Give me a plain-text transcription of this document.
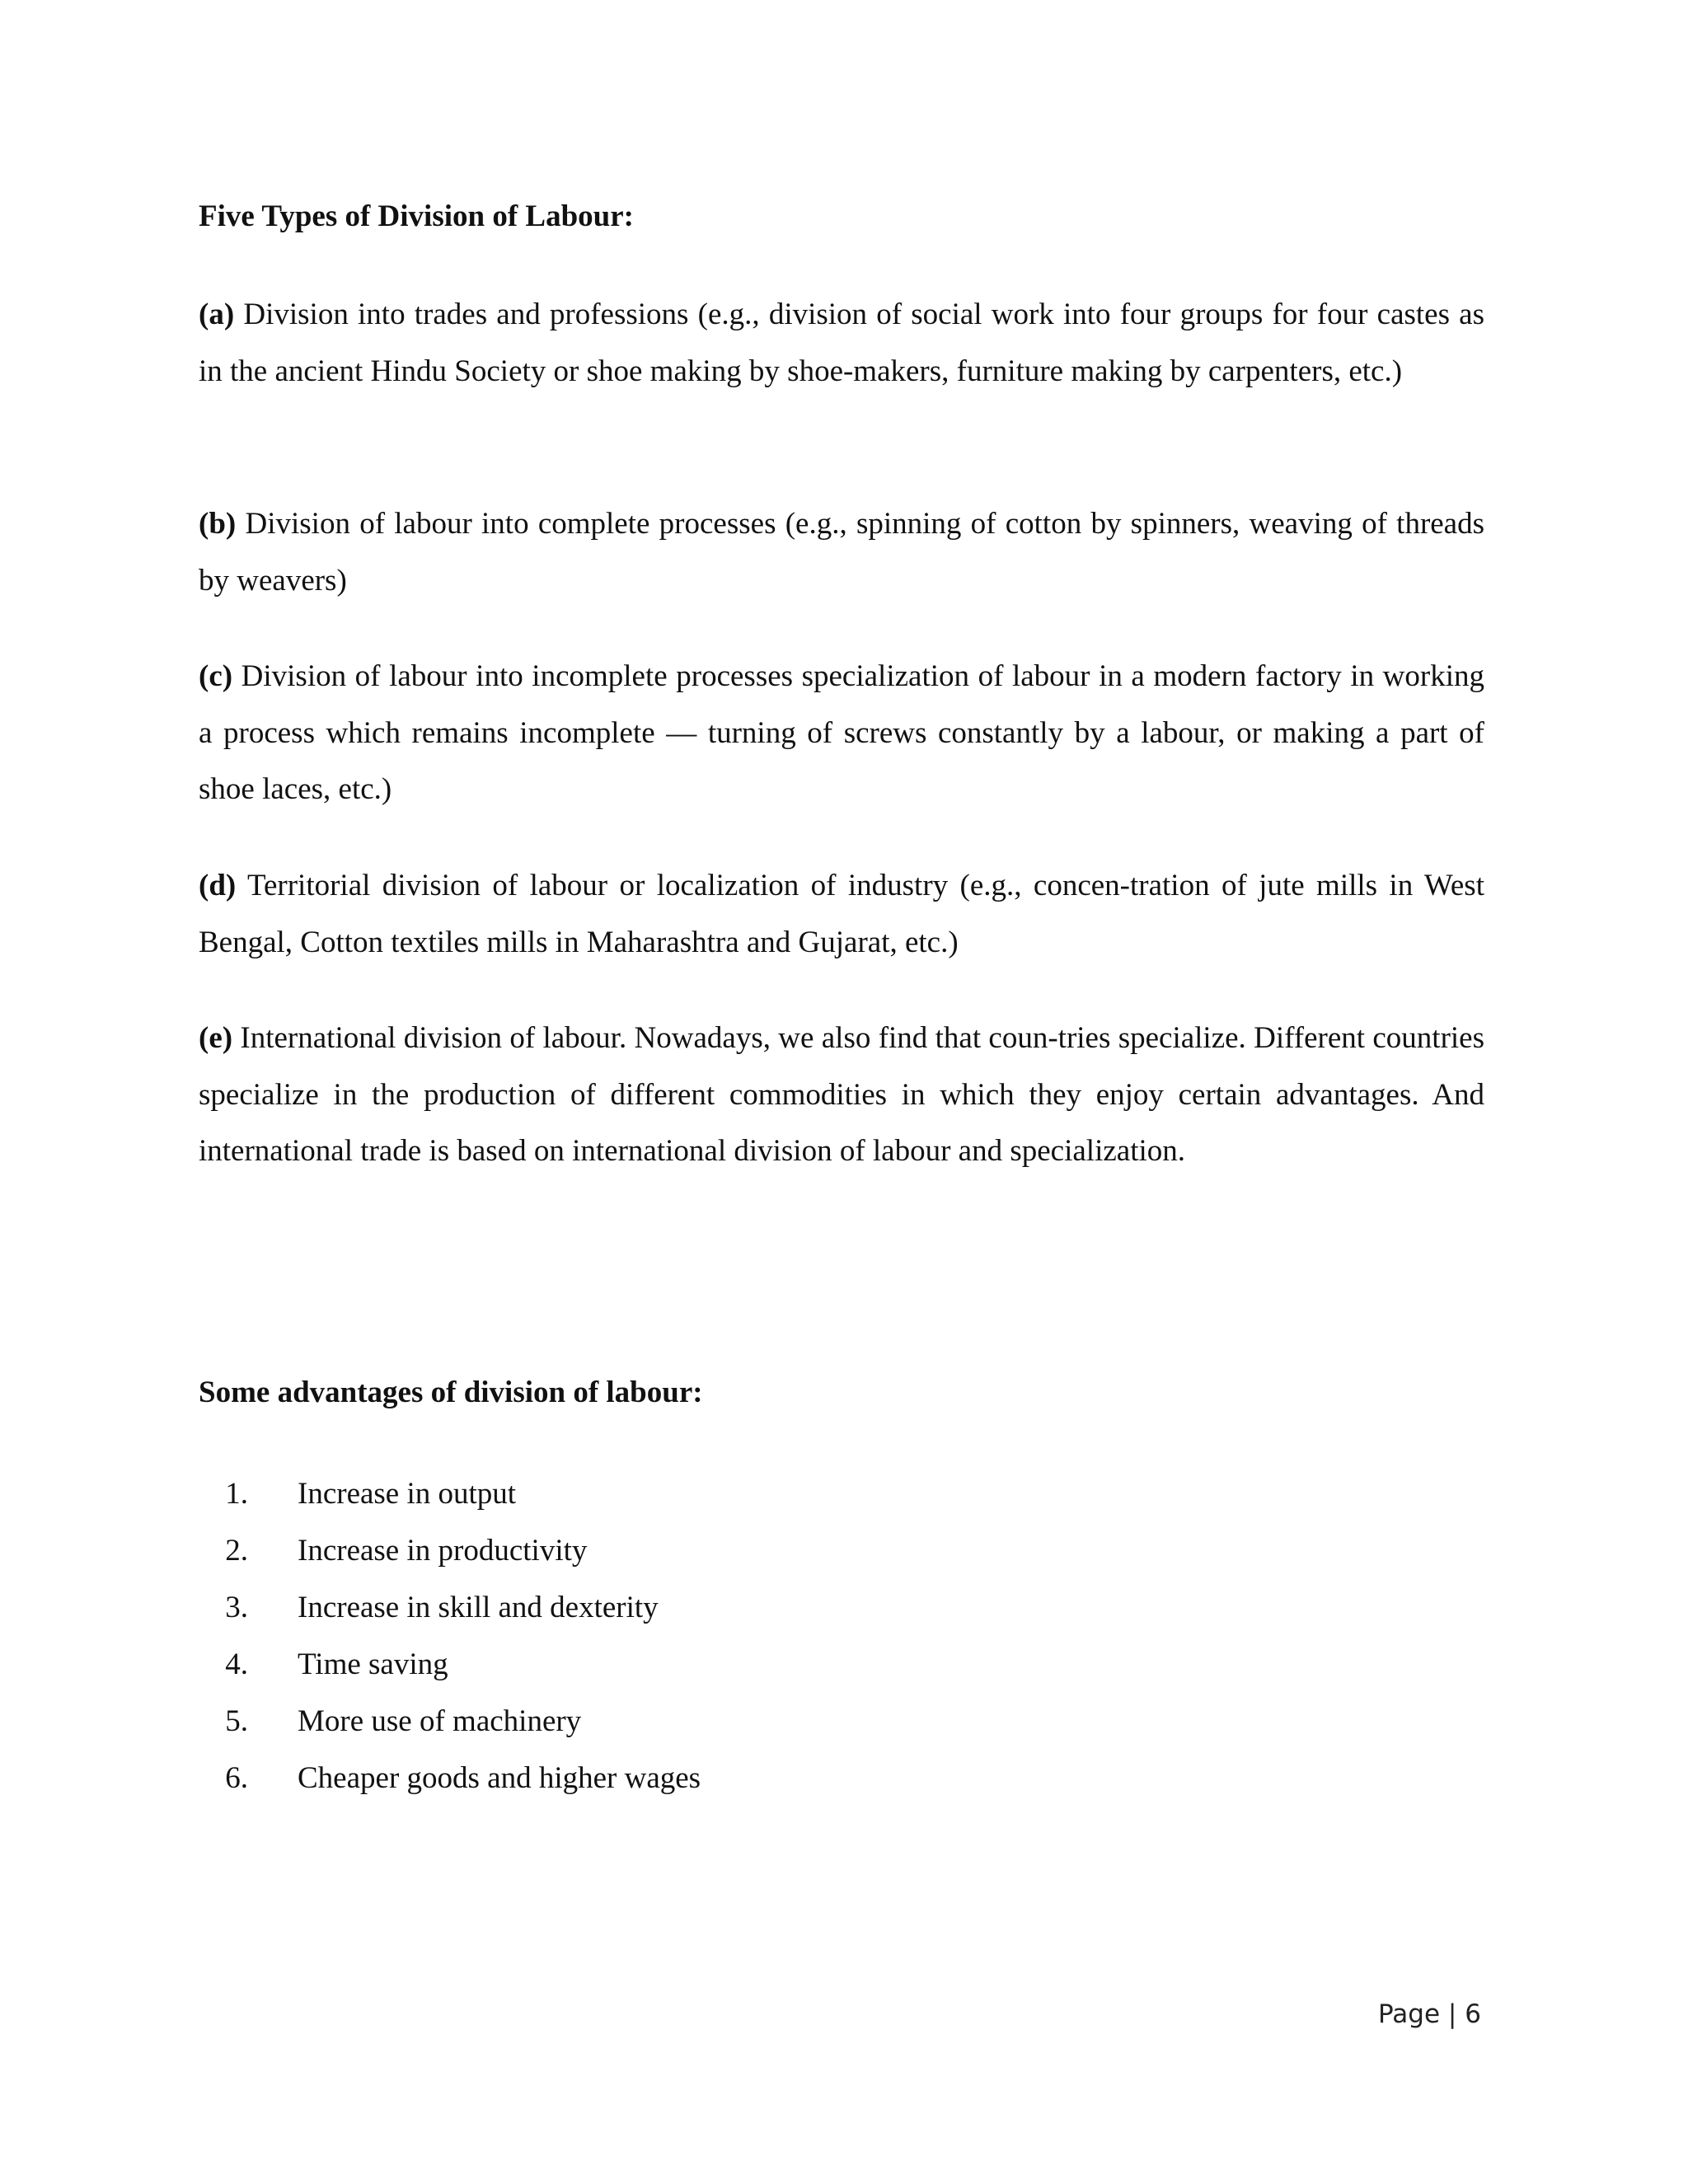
Five Types of Division of Labour:

(a) Division into trades and professions (e.g., division of social work into four groups for four castes as in the ancient Hindu Society or shoe making by shoe-makers, furniture making by carpenters, etc.)

(b) Division of labour into complete processes (e.g., spinning of cotton by spinners, weaving of threads by weavers)

(c) Division of labour into incomplete processes specialization of labour in a modern factory in working a process which remains incomplete — turning of screws constantly by a labour, or making a part of shoe laces, etc.)

(d) Territorial division of labour or localization of industry (e.g., concen-tration of jute mills in West Bengal, Cotton textiles mills in Maharashtra and Gujarat, etc.)

(e) International division of labour. Nowadays, we also find that coun-tries specialize. Different countries specialize in the production of different commodities in which they enjoy certain advantages. And international trade is based on international division of labour and specialization.

Some advantages of division of labour:
1. Increase in output
2. Increase in productivity
3. Increase in skill and dexterity
4. Time saving
5. More use of machinery
6. Cheaper goods and higher wages
Page | 6
